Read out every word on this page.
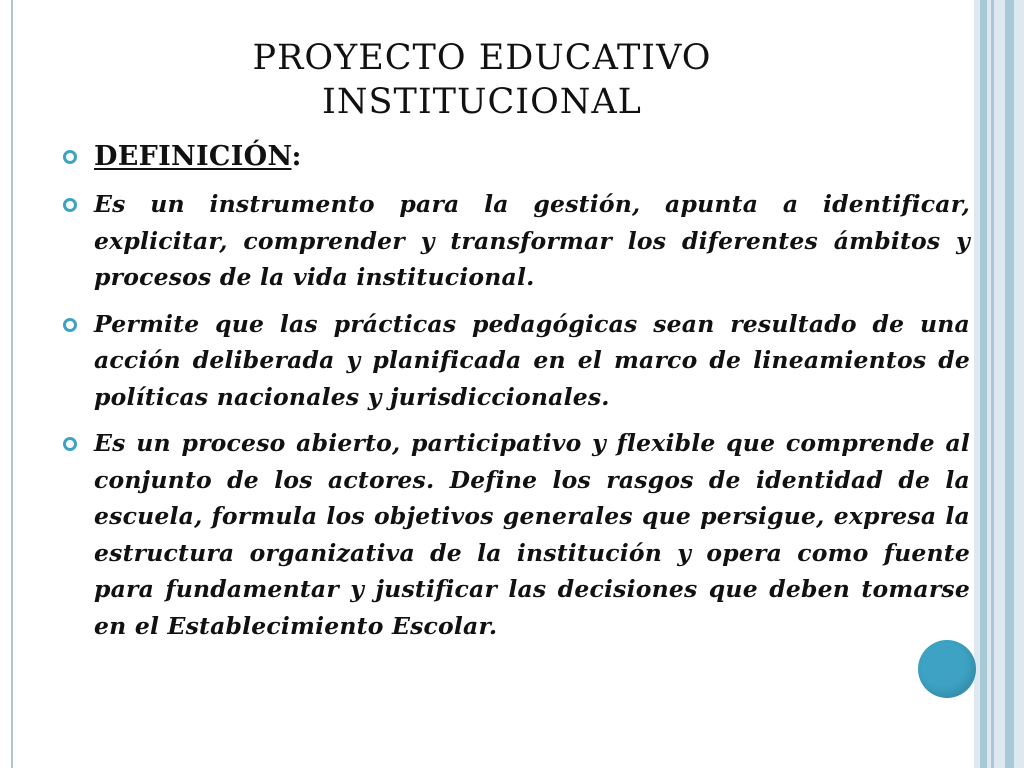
PROYECTO EDUCATIVO
INSTITUCIONAL
DEFINICIÓN:
Es un instrumento para la gestión, apunta a identificar, explicitar, comprender y transformar los diferentes ámbitos y procesos de la vida institucional.
Permite que las prácticas pedagógicas sean resultado de una acción deliberada y planificada en el marco de lineamientos de políticas nacionales y jurisdiccionales.
Es un proceso abierto, participativo y flexible que comprende al conjunto de los actores. Define los rasgos de identidad de la escuela, formula los objetivos generales que persigue, expresa la estructura organizativa de la institución y opera como fuente para fundamentar y justificar las decisiones que deben tomarse en el Establecimiento Escolar.
